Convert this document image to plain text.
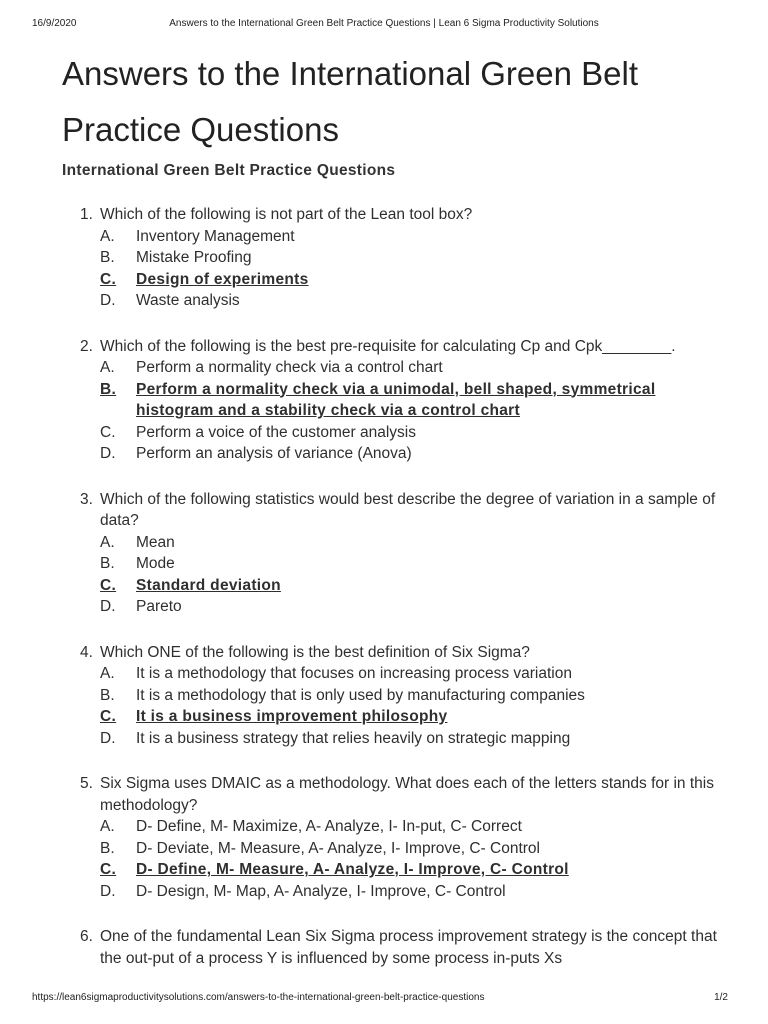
16/9/2020	Answers to the International Green Belt Practice Questions | Lean 6 Sigma Productivity Solutions
Answers to the International Green Belt Practice Questions
International Green Belt Practice Questions
1. Which of the following is not part of the Lean tool box?
A. Inventory Management
B. Mistake Proofing
C. Design of experiments
D. Waste analysis
2. Which of the following is the best pre-requisite for calculating Cp and Cpk________.
A. Perform a normality check via a control chart
B. Perform a normality check via a unimodal, bell shaped, symmetrical histogram and a stability check via a control chart
C. Perform a voice of the customer analysis
D. Perform an analysis of variance (Anova)
3. Which of the following statistics would best describe the degree of variation in a sample of data?
A. Mean
B. Mode
C. Standard deviation
D. Pareto
4. Which ONE of the following is the best definition of Six Sigma?
A. It is a methodology that focuses on increasing process variation
B. It is a methodology that is only used by manufacturing companies
C. It is a business improvement philosophy
D. It is a business strategy that relies heavily on strategic mapping
5. Six Sigma uses DMAIC as a methodology. What does each of the letters stands for in this methodology?
A. D- Define, M- Maximize, A- Analyze, I- In-put, C- Correct
B. D- Deviate, M- Measure, A- Analyze, I- Improve, C- Control
C. D- Define, M- Measure, A- Analyze, I- Improve, C- Control
D. D- Design, M- Map, A- Analyze, I- Improve, C- Control
6. One of the fundamental Lean Six Sigma process improvement strategy is the concept that the out-put of a process Y is influenced by some process in-puts Xs
https://lean6sigmaproductivitysolutions.com/answers-to-the-international-green-belt-practice-questions	1/2
